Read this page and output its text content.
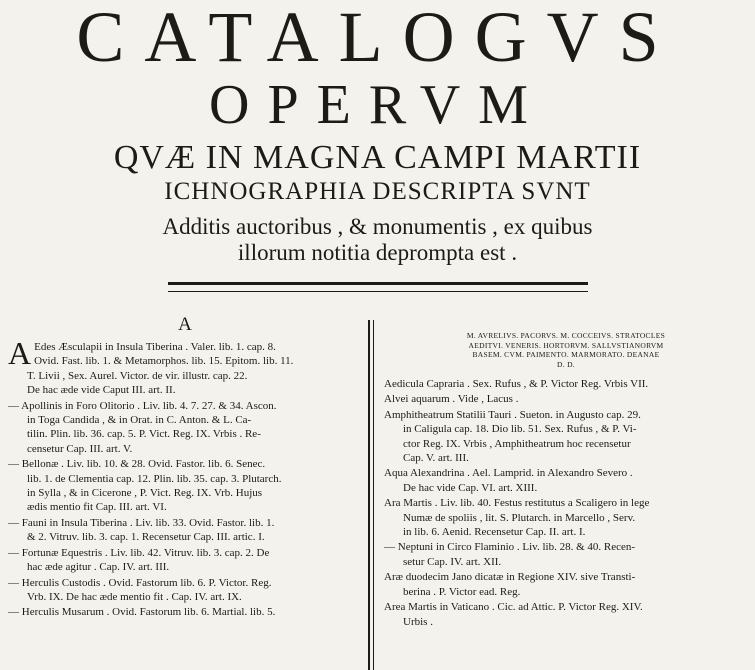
CATALOGVS
OPERVM
QVÆ IN MAGNA CAMPI MARTII
ICHNOGRAPHIA DESCRIPTA SVNT
Additis auctoribus , & monumentis , ex quibus
illorum notitia deprompta est .
A
A Edes Æsculapii in Insula Tiberina . Valer. lib. 1. cap. 8.

Ovid. Fast. lib. 1. & Metamorphos. lib. 15. Epitom. lib. 11.

T. Livii , Sex. Aurel. Victor. de vir. illustr. cap. 22.

De hac æde vide Caput III. art. II.

— Apollinis in Foro Olitorio . Liv. lib. 4. 7. 27. & 34. Ascon.

in Toga Candida , & in Orat. in C. Anton. & L. Ca-

tilin. Plin. lib. 36. cap. 5. P. Vict. Reg. IX. Vrbis . Re-

censetur Cap. III. art. V.

— Bellonæ . Liv. lib. 10. & 28. Ovid. Fastor. lib. 6. Senec.

lib. 1. de Clementia cap. 12. Plin. lib. 35. cap. 3. Plutarch.

in Sylla , & in Cicerone , P. Vict. Reg. IX. Vrb. Hujus

ædis mentio fit Cap. III. art. VI.

— Fauni in Insula Tiberina . Liv. lib. 33. Ovid. Fastor. lib. 1.

& 2. Vitruv. lib. 3. cap. 1. Recensetur Cap. III. artic. I.

— Fortunæ Equestris . Liv. lib. 42. Vitruv. lib. 3. cap. 2. De

hac æde agitur . Cap. IV. art. III.

— Herculis Custodis . Ovid. Fastorum lib. 6. P. Victor. Reg.

Vrb. IX. De hac æde mentio fit . Cap. IV. art. IX.

— Herculis Musarum . Ovid. Fastorum lib. 6. Martial. lib. 5.

M. AVRELIVS. PACORVS. M. COCCEIVS. STRATOCLES

AEDITVI. VENERIS. HORTORVM. SALLVSTIANORVM

BASEM. CVM. PAIMENTO. MARMORATO. DEANAE

D. D.

Aedicula Capraria . Sex. Rufus , & P. Victor Reg. Vrbis VII.

Alvei aquarum . Vide , Lacus .

Amphitheatrum Statilii Tauri . Sueton. in Augusto cap. 29.

in Caligula cap. 18. Dio lib. 51. Sex. Rufus , & P. Vi-

ctor Reg. IX. Vrbis , Amphitheatrum hoc recensetur

Cap. V. art. III.

Aqua Alexandrina . Ael. Lamprid. in Alexandro Severo .

De hac vide Cap. VI. art. XIII.

Ara Martis . Liv. lib. 40. Festus restitutus a Scaligero in lege

Numæ de spoliis , lit. S. Plutarch. in Marcello , Serv.

in lib. 6. Aenid. Recensetur Cap. II. art. I.

— Neptuni in Circo Flaminio . Liv. lib. 28. & 40. Recen-

setur Cap. IV. art. XII.

Aræ duodecim Jano dicatæ in Regione XIV. sive Transti-

berina . P. Victor ead. Reg.

Area Martis in Vaticano . Cic. ad Attic. P. Victor Reg. XIV.

Urbis .
